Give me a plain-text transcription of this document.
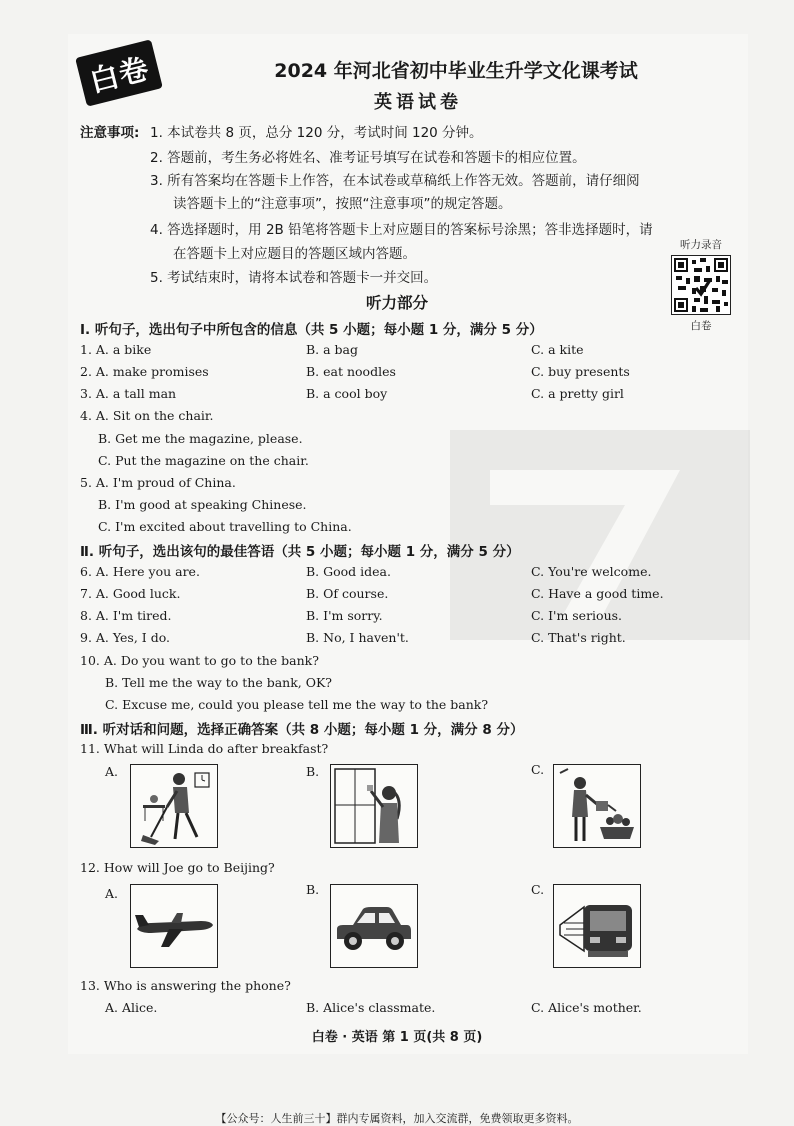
白卷	2024 年河北省初中毕业生升学文化课考试
英语试卷
注意事项: 1. 本试卷共 8 页，总分 120 分，考试时间 120 分钟。
2. 答题前，考生务必将姓名、准考证号填写在试卷和答题卡的相应位置。
3. 所有答案均在答题卡上作答，在本试卷或草稿纸上作答无效。答题前，请仔细阅
读答题卡上的“注意事项”，按照“注意事项”的规定答题。
4. 答选择题时，用 2B 铅笔将答题卡上对应题目的答案标号涂黑；答非选择题时，请
在答题卡上对应题目的答题区域内答题。
5. 考试结束时，请将本试卷和答题卡一并交回。
听力录音
白卷
听力部分
Ⅰ. 听句子，选出句子中所包含的信息（共 5 小题；每小题 1 分，满分 5 分）
1. A. a bike	B. a bag	C. a kite
2. A. make promises	B. eat noodles	C. buy presents
3. A. a tall man	B. a cool boy	C. a pretty girl
4. A. Sit on the chair.
B. Get me the magazine, please.
C. Put the magazine on the chair.
5. A. I'm proud of China.
B. I'm good at speaking Chinese.
C. I'm excited about travelling to China.
Ⅱ. 听句子，选出该句的最佳答语（共 5 小题；每小题 1 分，满分 5 分）
6. A. Here you are.	B. Good idea.	C. You're welcome.
7. A. Good luck.	B. Of course.	C. Have a good time.
8. A. I'm tired.	B. I'm sorry.	C. I'm serious.
9. A. Yes, I do.	B. No, I haven't.	C. That's right.
10. A. Do you want to go to the bank?
B. Tell me the way to the bank, OK?
C. Excuse me, could you please tell me the way to the bank?
Ⅲ. 听对话和问题，选择正确答案（共 8 小题；每小题 1 分，满分 8 分）
11. What will Linda do after breakfast?
A.	B.	C.
12. How will Joe go to Beijing?
A.	B.	C.
13. Who is answering the phone?
A. Alice.	B. Alice's classmate.	C. Alice's mother.
白卷 · 英语 第 1 页(共 8 页)
【公众号：人生前三十】群内专属资料，加入交流群，免费领取更多资料。
